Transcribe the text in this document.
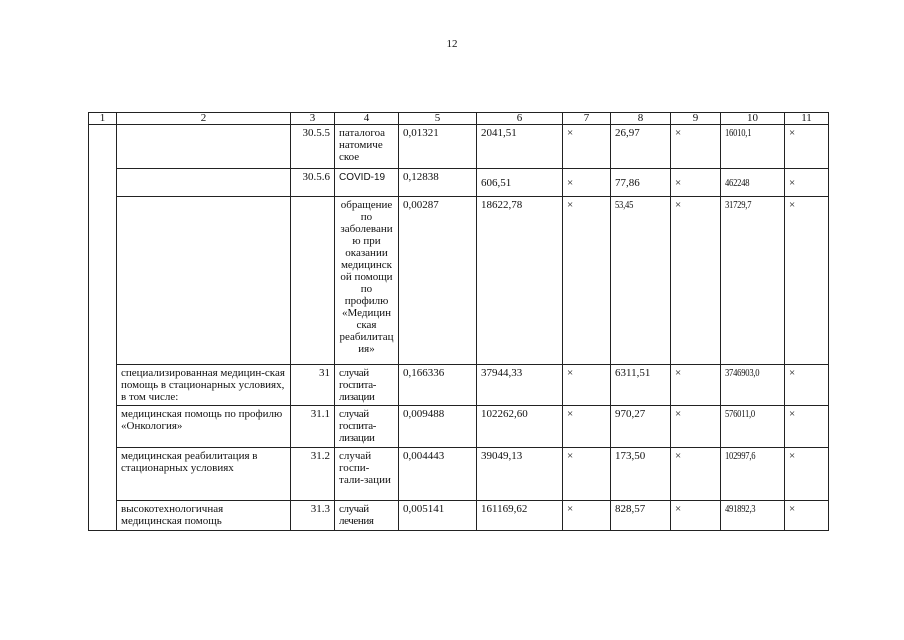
12
1	2	3	4	5	6	7	8	9	10	11
		30.5.5	паталогоа натомиче ское	0,01321	2041,51	×	26,97	×	16010,1	×
		30.5.6	COVID-19	0,12838	606,51	×	77,86	×	462248	×
			обращение по заболевани ю при оказании медицинск ой помощи по профилю «Медицин ская реабилитац ия»	0,00287	18622,78	×	53,45	×	31729,7	×
	специализированная медицин-ская помощь в стационарных условиях, в том числе:	31	случай госпита-лизации	0,166336	37944,33	×	6311,51	×	3746903,0	×
	медицинская помощь по профилю «Онкология»	31.1	случай госпита-лизации	0,009488	102262,60	×	970,27	×	576011,0	×
	медицинская реабилитация в стационарных условиях	31.2	случай госпи-тали-зации	0,004443	39049,13	×	173,50	×	102997,6	×
	высокотехнологичная медицинская помощь	31.3	случай лечения	0,005141	161169,62	×	828,57	×	491892,3	×
